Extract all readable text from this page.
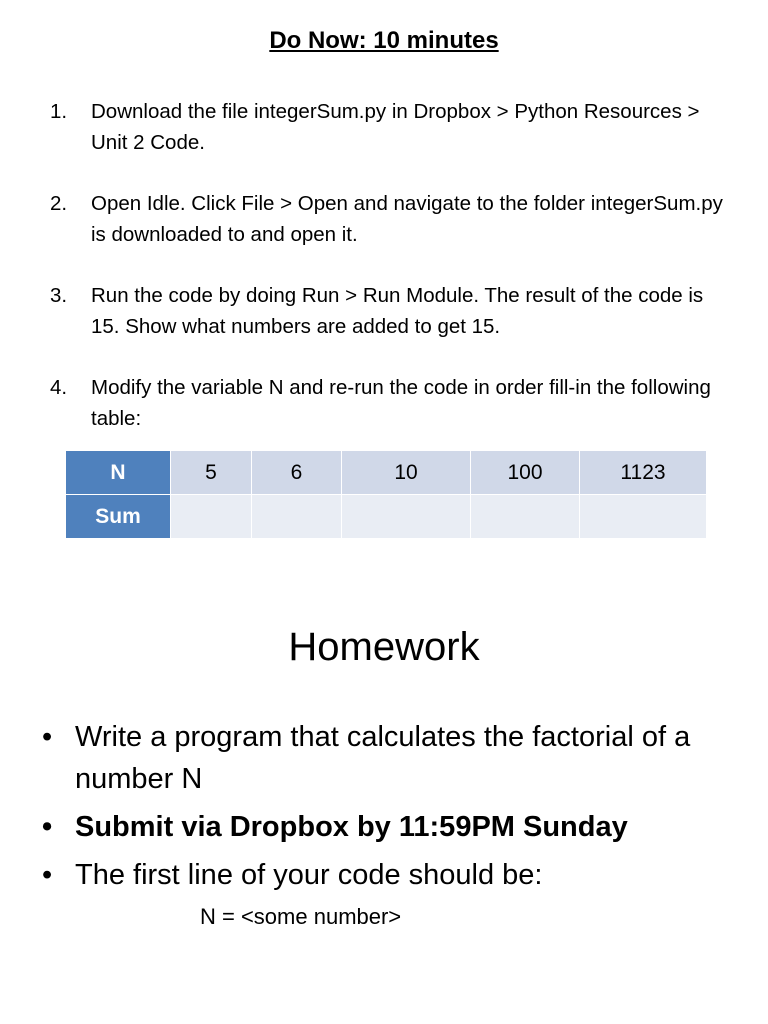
Do Now: 10 minutes
1. Download the file integerSum.py in Dropbox > Python Resources > Unit 2 Code.
2. Open Idle. Click File > Open and navigate to the folder integerSum.py is downloaded to and open it.
3. Run the code by doing Run > Run Module. The result of the code is 15. Show what numbers are added to get 15.
4. Modify the variable N and re-run the code in order fill-in the following table:
N	5	6	10	100	1123
Sum					
Homework
• Write a program that calculates the factorial of a number N
• Submit via Dropbox by 11:59PM Sunday
• The first line of your code should be:
N = <some number>
